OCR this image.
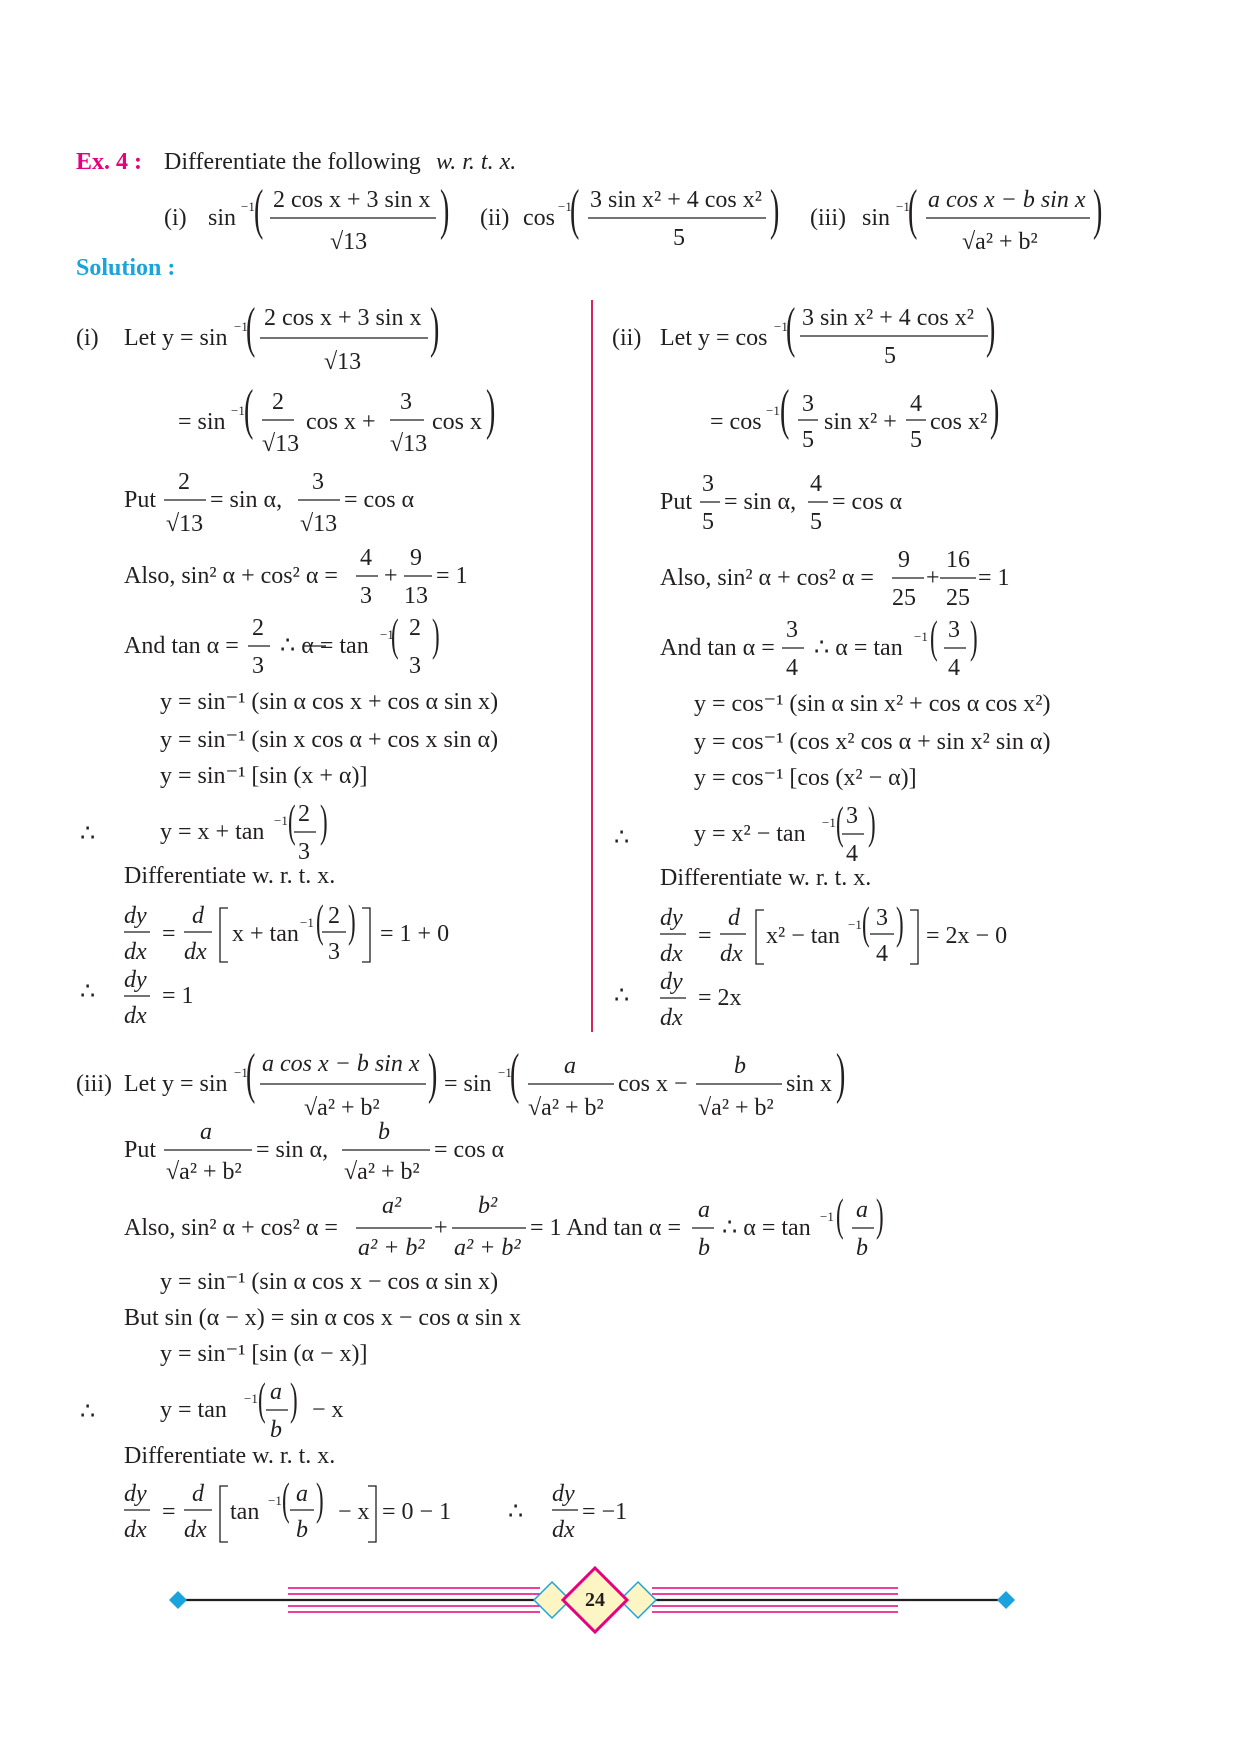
Ex. 4 : Differentiate the following w. r. t. x.
(i) sin −1 ( 2 cos x + 3 sin x
√13
) (ii) cos −1
( 3 sin x² + 4 cos x²
5 ) (iii) sin −1
( a cos x − b sin x
√a² + b²
)
Solution :
(i) Let y = sin −1
( 2 cos x + 3 sin x
√13
)
= sin −1 ( 2
√13
cos x +
3
√13
cos x )
Put
2
√13
= sin α,
3
√13
= cos α
Also, sin² α + cos² α =
4
3
+
9
13
= 1
And tan α =
2
3
∴ α = tan −1
( 2
3
)
y = sin⁻¹ (sin α cos x + cos α sin x)
y = sin⁻¹ (sin x cos α + cos x sin α)
y = sin⁻¹ [sin (x + α)]
∴	y = x + tan −1 ( 2
3
)
Differentiate w. r. t. x.
dy
dx
=
d
dx
x + tan −1 ( 2
3
) = 1 + 0
∴ dy
dx
= 1
(ii) Let y = cos −1
( 3 sin x² + 4 cos x²
5 )
= cos −1 ( 3
5
sin x² +
4
5
cos x² )
Put
3
5
= sin α,
4
5
= cos α
Also, sin² α + cos² α =
9
25
+
16
25
= 1
And tan α =
3
4
∴ α = tan −1 ( 3
4
)
y = cos⁻¹ (sin α sin x² + cos α cos x²)
y = cos⁻¹ (cos x² cos α + sin x² sin α)
y = cos⁻¹ [cos (x² − α)]
∴	y = x² − tan −1 ( 3
4
)
Differentiate w. r. t. x.
dy
dx
=
d
dx
x² − tan −1 ( 3
4
) = 2x − 0
∴
dy
dx
= 2x
(iii) Let y = sin −1
( a cos x − b sin x
√a² + b²
) = sin −1
( a
√a² + b²
cos x −
b
√a² + b²
sin x )
Put
a
√a² + b²
= sin α,
b
√a² + b²
= cos α
Also, sin² α + cos² α =
a²
a² + b²
+
b²
a² + b²
= 1 And tan α =
a
b
∴ α = tan −1 ( a
b
)
y = sin⁻¹ (sin α cos x − cos α sin x)
But sin (α − x) = sin α cos x − cos α sin x
y = sin⁻¹ [sin (α − x)]
∴	y = tan −1 ( a
b
) − x
Differentiate w. r. t. x.
dy
dx
=
d
dx
tan −1 ( a
b
) − x = 0 − 1 ∴
dy
dx
= −1
24
